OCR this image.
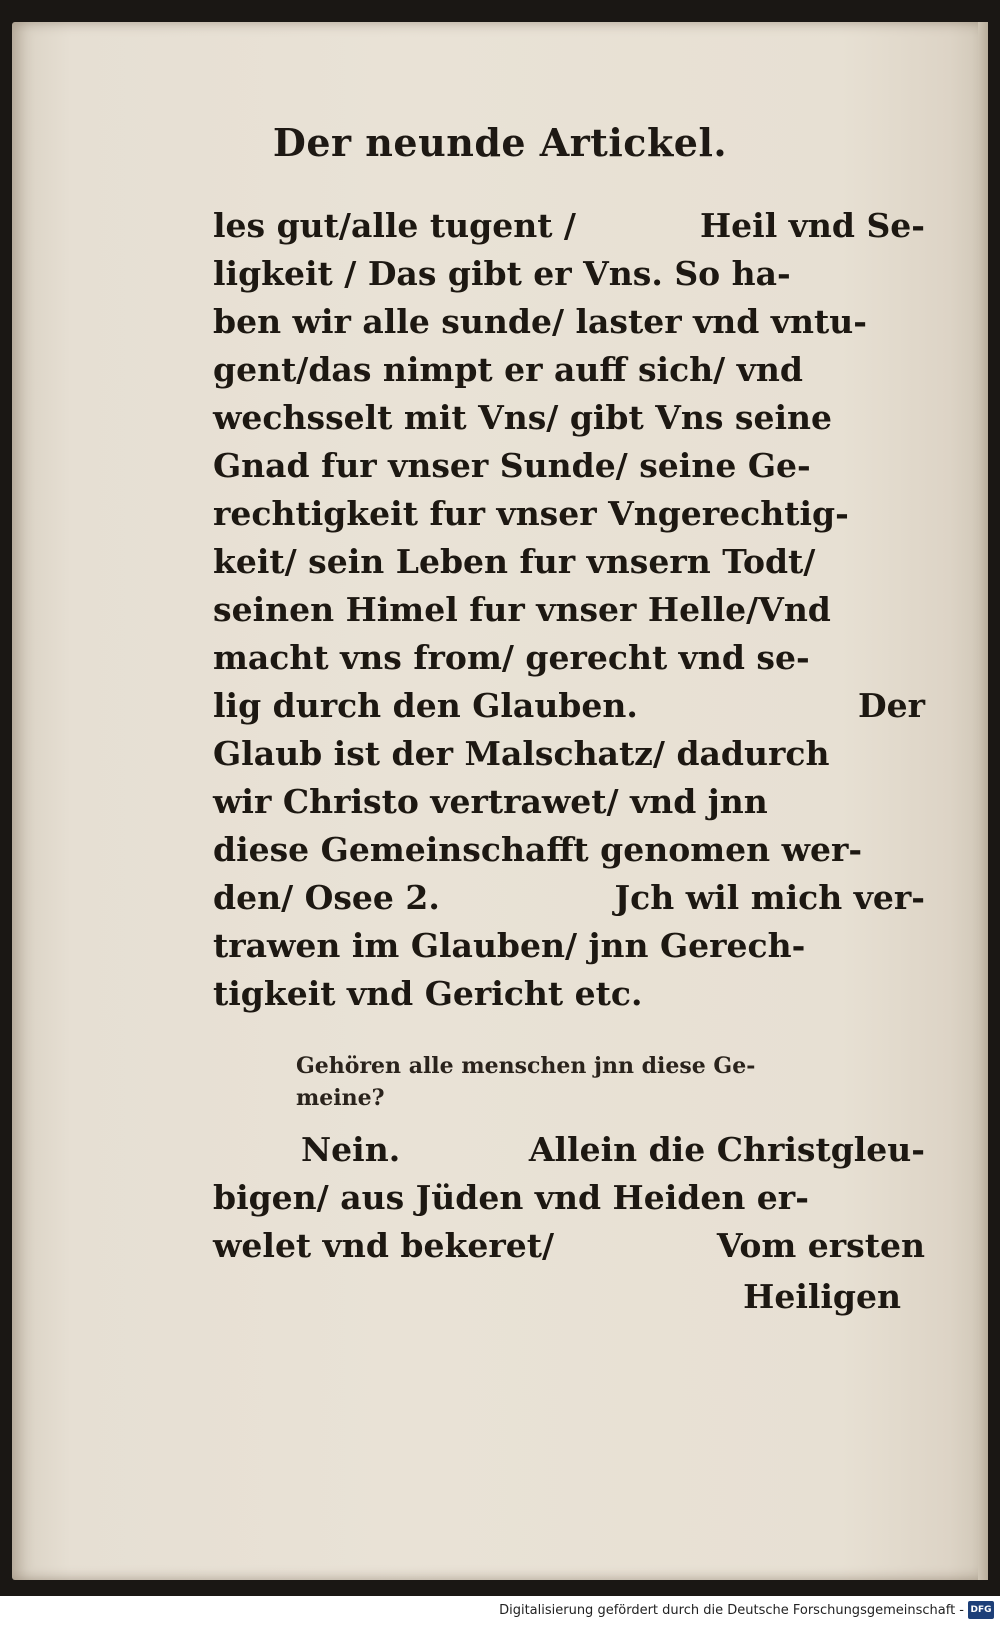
Der neunde Artickel.
les gut/alle tugent /	Heil vnd Se-
ligkeit / Das gibt er Vns. So ha-
ben wir alle sunde/ laster vnd vntu-
gent/das nimpt er auff sich/ vnd
wechsselt mit Vns/ gibt Vns seine
Gnad fur vnser Sunde/ seine Ge-
rechtigkeit fur vnser Vngerechtig-
keit/ sein Leben fur vnsern Todt/
seinen Himel fur vnser Helle/Vnd
macht vns from/ gerecht vnd se-
lig durch den Glauben.	Der
Glaub ist der Malschatz/ dadurch
wir Christo vertrawet/ vnd jnn
diese Gemeinschafft genomen wer-
den/ Osee 2.	Jch wil mich ver-
trawen im Glauben/ jnn Gerech-
tigkeit vnd Gericht etc.
Gehören alle menschen jnn diese Ge-
meine?
Nein.	Allein die Christgleu-
bigen/ aus Jüden vnd Heiden er-
welet vnd bekeret/	Vom ersten
Heiligen
Digitalisierung gefördert durch die Deutsche Forschungsgemeinschaft - DFG
